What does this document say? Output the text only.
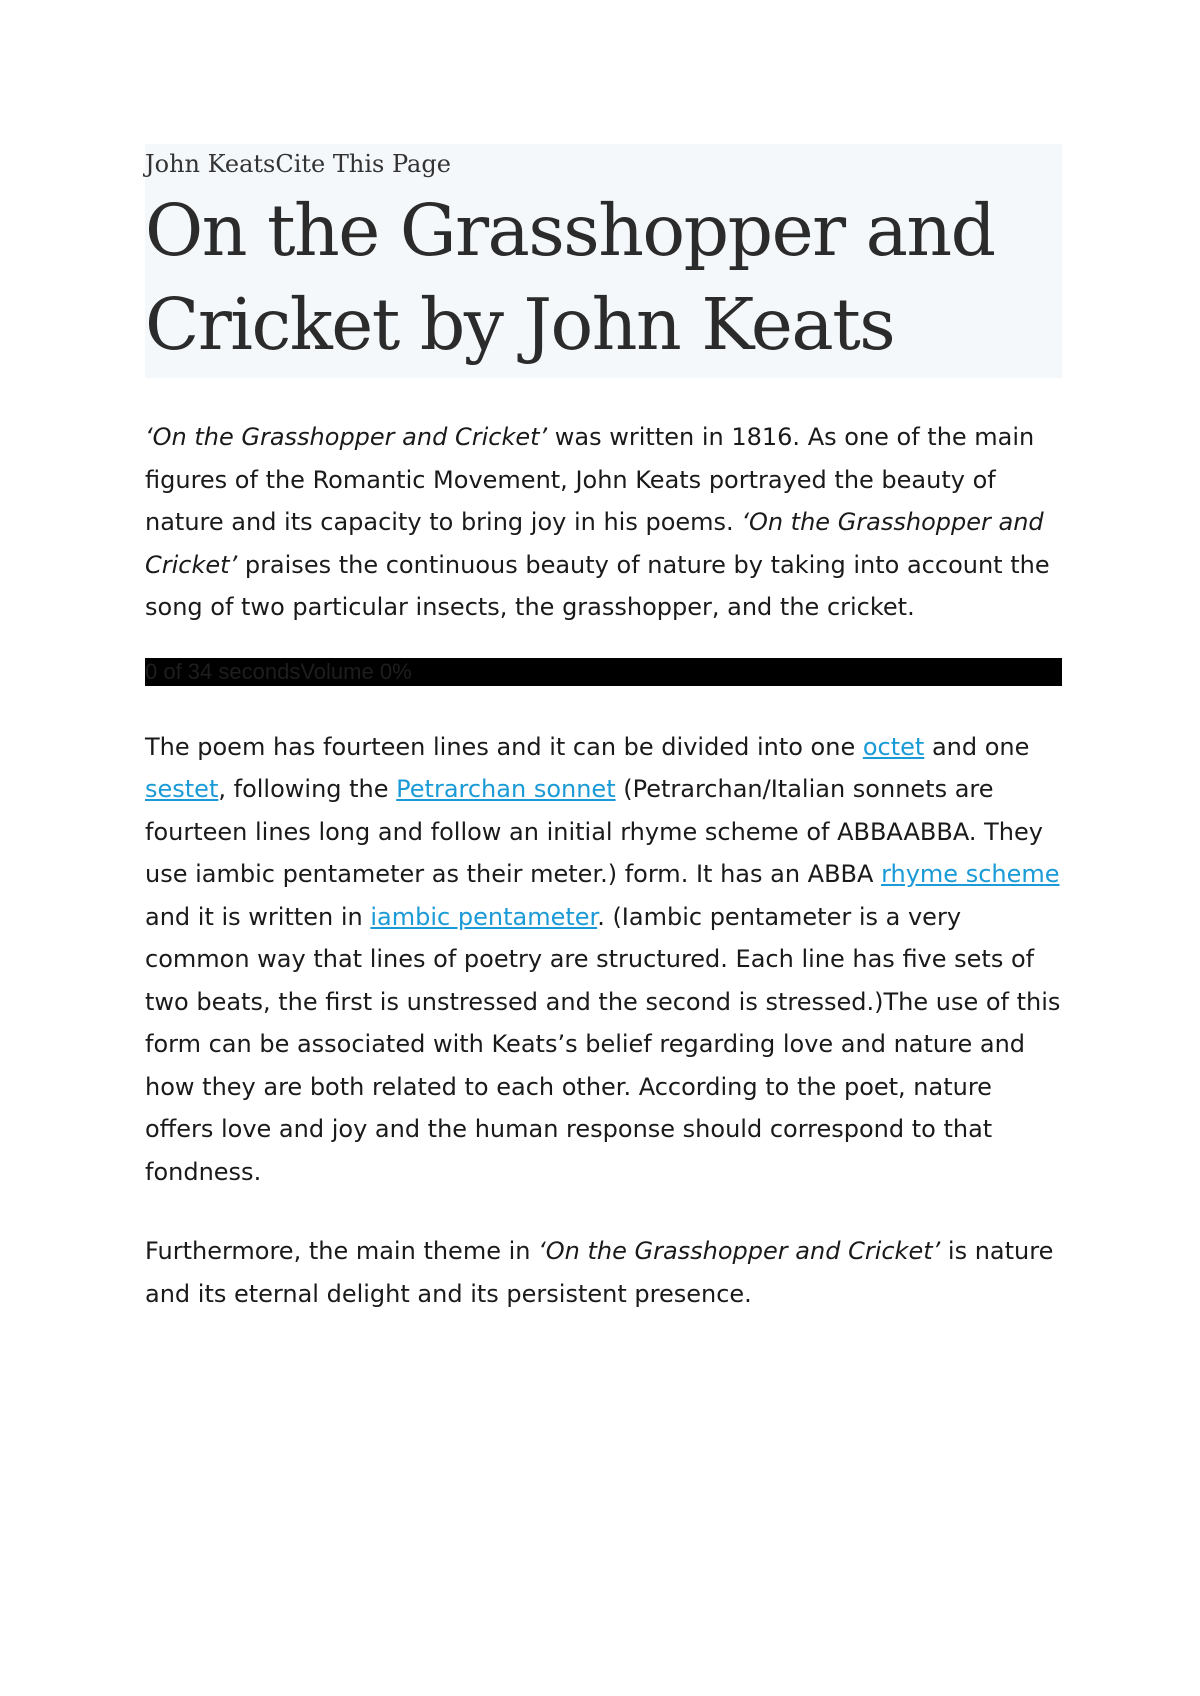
John KeatsCite This Page
On the Grasshopper and Cricket by John Keats

‘On the Grasshopper and Cricket’ was written in 1816. As one of the main figures of the Romantic Movement, John Keats portrayed the beauty of nature and its capacity to bring joy in his poems. ‘On the Grasshopper and Cricket’ praises the continuous beauty of nature by taking into account the song of two particular insects, the grasshopper, and the cricket.

0 of 34 secondsVolume 0%

The poem has fourteen lines and it can be divided into one octet and one sestet, following the Petrarchan sonnet (Petrarchan/Italian sonnets are fourteen lines long and follow an initial rhyme scheme of ABBAABBA. They use iambic pentameter as their meter.) form. It has an ABBA rhyme scheme and it is written in iambic pentameter. (Iambic pentameter is a very common way that lines of poetry are structured. Each line has five sets of two beats, the first is unstressed and the second is stressed.)The use of this form can be associated with Keats’s belief regarding love and nature and how they are both related to each other. According to the poet, nature offers love and joy and the human response should correspond to that fondness.

Furthermore, the main theme in ‘On the Grasshopper and Cricket’ is nature and its eternal delight and its persistent presence.
